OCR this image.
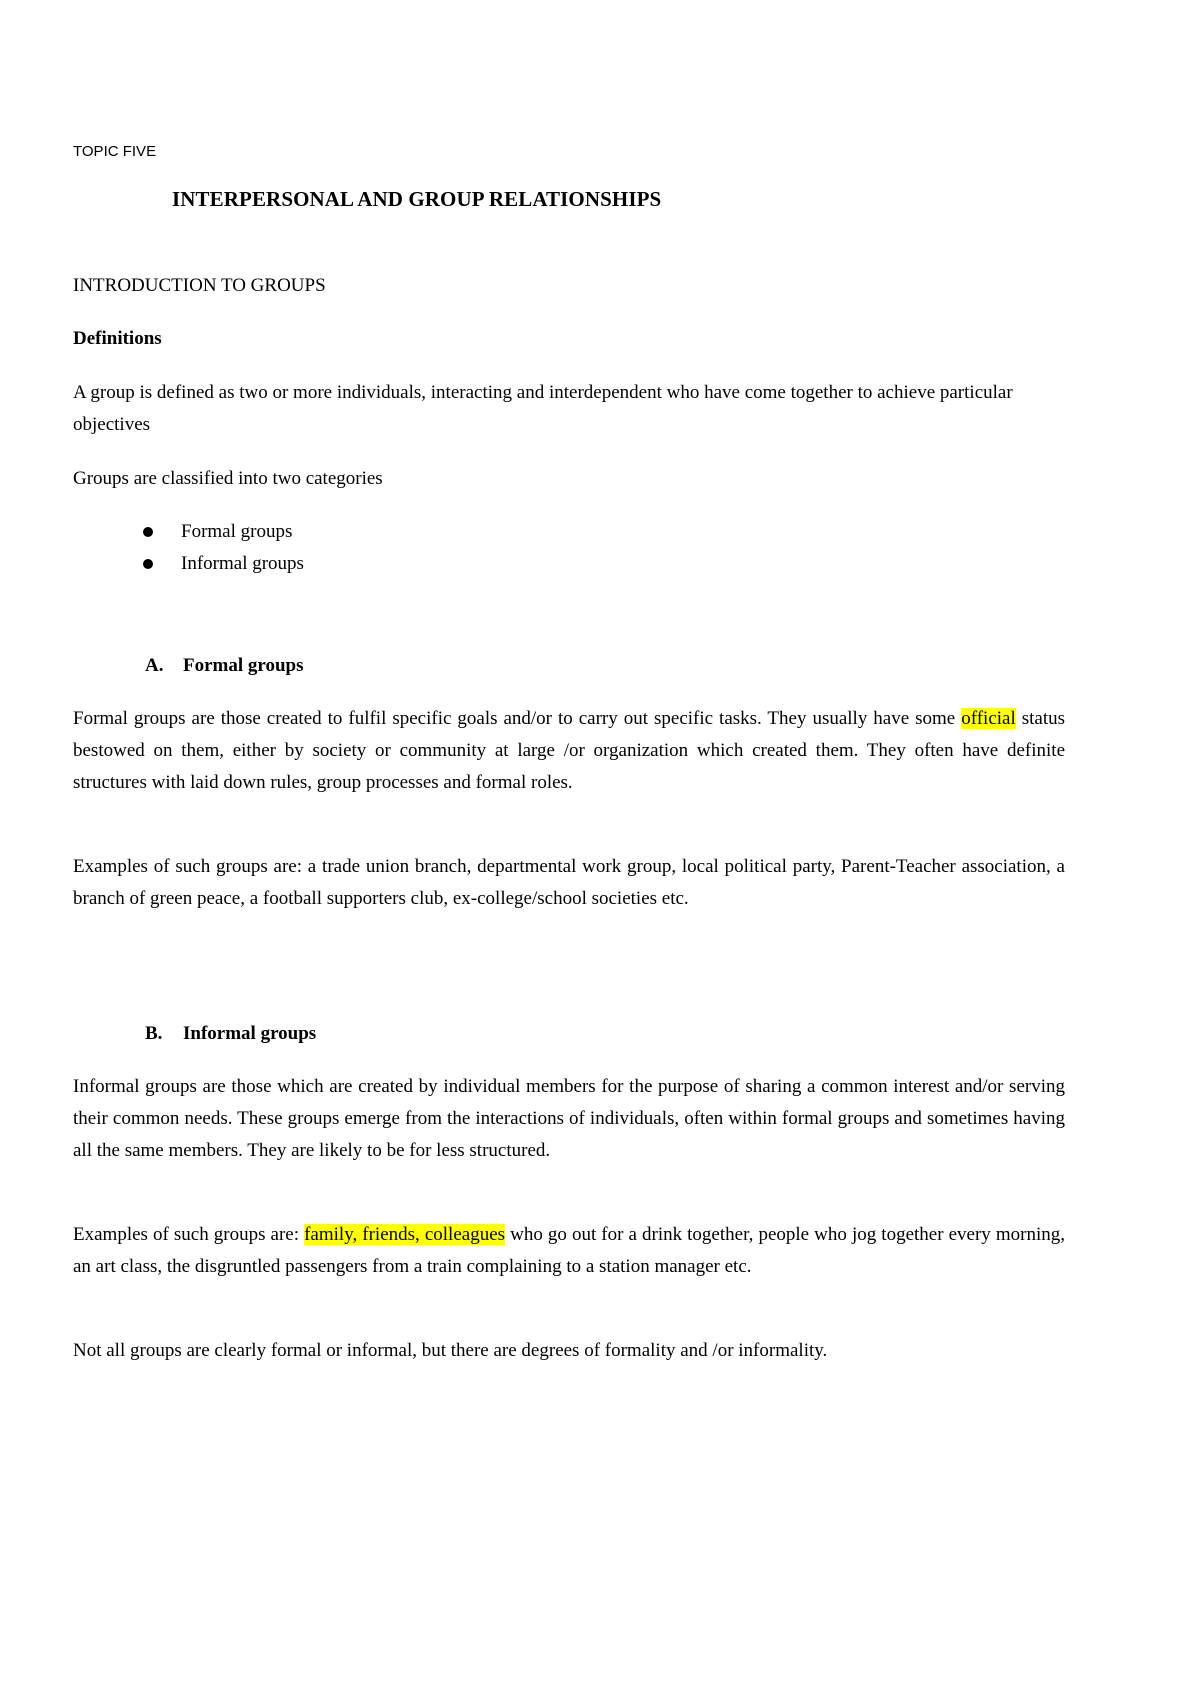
TOPIC FIVE
INTERPERSONAL AND GROUP RELATIONSHIPS
INTRODUCTION TO GROUPS
Definitions
A group is defined as two or more individuals, interacting and interdependent who have come together to achieve particular objectives
Groups are classified into two categories
Formal groups
Informal groups
A. Formal groups
Formal groups are those created to fulfil specific goals and/or to carry out specific tasks. They usually have some official status bestowed on them, either by society or community at large /or organization which created them. They often have definite structures with laid down rules, group processes and formal roles.
Examples of such groups are: a trade union branch, departmental work group, local political party, Parent-Teacher association, a branch of green peace, a football supporters club, ex-college/school societies etc.
B. Informal groups
Informal groups are those which are created by individual members for the purpose of sharing a common interest and/or serving their common needs. These groups emerge from the interactions of individuals, often within formal groups and sometimes having all the same members. They are likely to be for less structured.
Examples of such groups are: family, friends, colleagues who go out for a drink together, people who jog together every morning, an art class, the disgruntled passengers from a train complaining to a station manager etc.
Not all groups are clearly formal or informal, but there are degrees of formality and /or informality.
